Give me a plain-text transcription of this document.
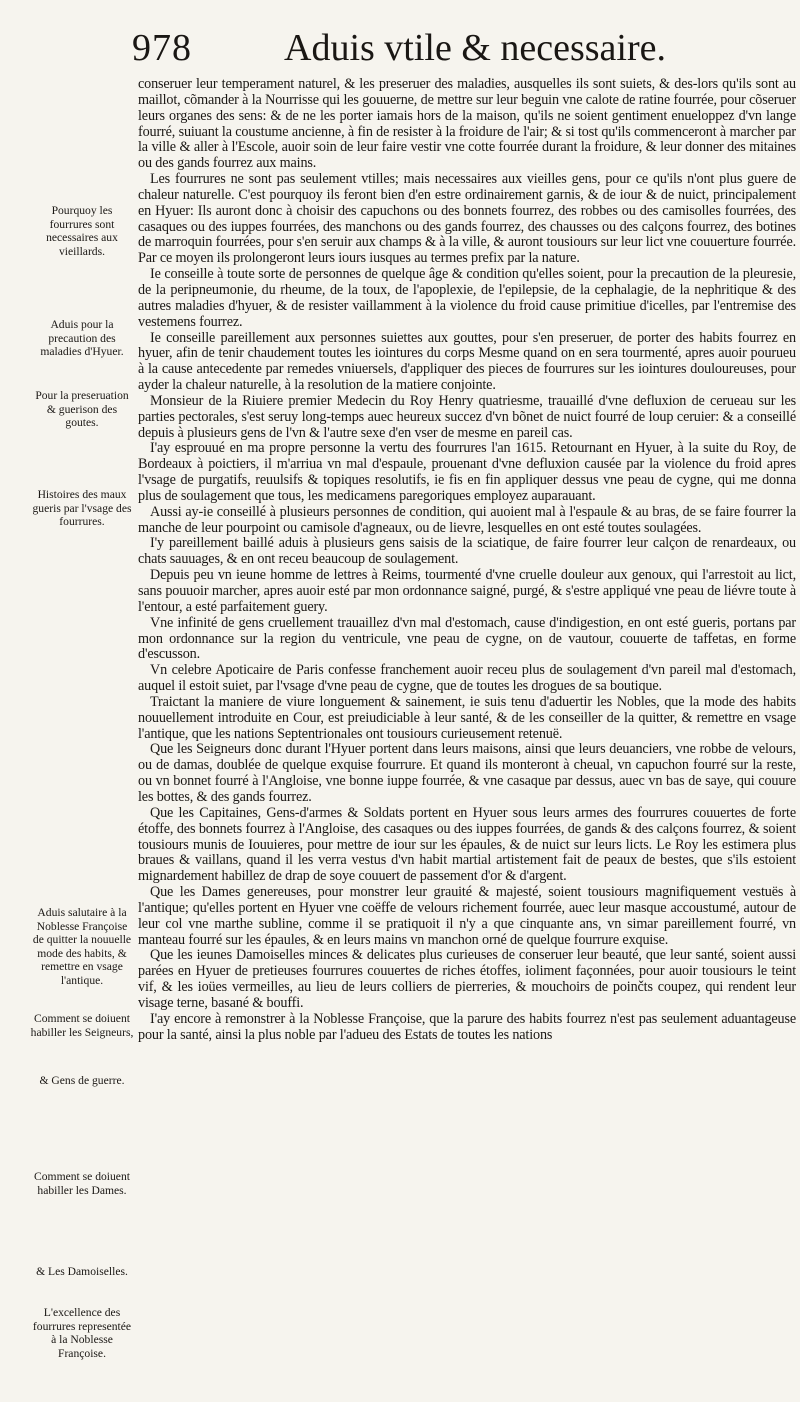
978 Aduis vtile & necessaire.
Pourquoy les fourrures sont necessaires aux vieillards.
Aduis pour la precaution des maladies d'Hyuer.
Pour la preseruation & guerison des goutes.
Histoires des maux gueris par l'vsage des fourrures.
Aduis salutaire à la Noblesse Françoise de quitter la nouuelle mode des habits, & remettre en vsage l'antique.
Comment se doiuent habiller les Seigneurs,
& Gens de guerre.
Comment se doiuent habiller les Dames.
& Les Damoiselles.
L'excellence des fourrures representée à la Noblesse Françoise.

conseruer leur temperament naturel, & les preseruer des maladies, ausquelles ils sont suiets, & des-lors qu'ils sont au maillot, cõmander à la Nourrisse qui les gouuerne, de mettre sur leur beguin vne calote de ratine fourrée, pour cõseruer leurs organes des sens: & de ne les porter iamais hors de la maison, qu'ils ne soient gentiment enueloppez d'vn lange fourré, suiuant la coustume ancienne, à fin de resister à la froidure de l'air; & si tost qu'ils commenceront à marcher par la ville & aller à l'Escole, auoir soin de leur faire vestir vne cotte fourrée durant la froidure, & leur donner des mitaines ou des gands fourrez aux mains.

Les fourrures ne sont pas seulement vtilles; mais necessaires aux vieilles gens, pour ce qu'ils n'ont plus guere de chaleur naturelle. C'est pourquoy ils feront bien d'en estre ordinairement garnis, & de iour & de nuict, principalement en Hyuer: Ils auront donc à choisir des capuchons ou des bonnets fourrez, des robbes ou des camisolles fourrées, des casaques ou des iuppes fourrées, des manchons ou des gands fourrez, des chausses ou des calçons fourrez, des botines de marroquin fourrées, pour s'en seruir aux champs & à la ville, & auront tousiours sur leur lict vne couuerture fourrée. Par ce moyen ils prolongeront leurs iours iusques au termes prefix par la nature.

Ie conseille à toute sorte de personnes de quelque âge & condition qu'elles soient, pour la precaution de la pleuresie, de la peripneumonie, du rheume, de la toux, de l'apoplexie, de l'epilepsie, de la cephalagie, de la nephritique & des autres maladies d'hyuer, & de resister vaillamment à la violence du froid cause primitiue d'icelles, par l'entremise des vestemens fourrez.

Ie conseille pareillement aux personnes suiettes aux gouttes, pour s'en preseruer, de porter des habits fourrez en hyuer, afin de tenir chaudement toutes les iointures du corps Mesme quand on en sera tourmenté, apres auoir pourueu à la cause antecedente par remedes vniuersels, d'appliquer des pieces de fourrures sur les iointures douloureuses, pour ayder la chaleur naturelle, à la resolution de la matiere conjointe.

Monsieur de la Riuiere premier Medecin du Roy Henry quatriesme, trauaillé d'vne defluxion de cerueau sur les parties pectorales, s'est seruy long-temps auec heureux succez d'vn bõnet de nuict fourré de loup ceruier: & a conseillé depuis à plusieurs gens de l'vn & l'autre sexe d'en vser de mesme en pareil cas.

I'ay esprouué en ma propre personne la vertu des fourrures l'an 1615. Retournant en Hyuer, à la suite du Roy, de Bordeaux à poictiers, il m'arriua vn mal d'espaule, prouenant d'vne defluxion causée par la violence du froid apres l'vsage de purgatifs, reuulsifs & topiques resolutifs, ie fis en fin appliquer dessus vne peau de cygne, qui me donna plus de soulagement que tous, les medicamens paregoriques employez auparauant.

Aussi ay-ie conseillé à plusieurs personnes de condition, qui auoient mal à l'espaule & au bras, de se faire fourrer la manche de leur pourpoint ou camisole d'agneaux, ou de lievre, lesquelles en ont esté toutes soulagées.

I'y pareillement baillé aduis à plusieurs gens saisis de la sciatique, de faire fourrer leur calçon de renardeaux, ou chats sauuages, & en ont receu beaucoup de soulagement.

Depuis peu vn ieune homme de lettres à Reims, tourmenté d'vne cruelle douleur aux genoux, qui l'arrestoit au lict, sans pouuoir marcher, apres auoir esté par mon ordonnance saigné, purgé, & s'estre appliqué vne peau de liévre toute à l'entour, a esté parfaitement guery.

Vne infinité de gens cruellement trauaillez d'vn mal d'estomach, cause d'indigestion, en ont esté gueris, portans par mon ordonnance sur la region du ventricule, vne peau de cygne, on de vautour, couuerte de taffetas, en forme d'escusson.

Vn celebre Apoticaire de Paris confesse franchement auoir receu plus de soulagement d'vn pareil mal d'estomach, auquel il estoit suiet, par l'vsage d'vne peau de cygne, que de toutes les drogues de sa boutique.

Traictant la maniere de viure longuement & sainement, ie suis tenu d'aduertir les Nobles, que la mode des habits nouuellement introduite en Cour, est preiudiciable à leur santé, & de les conseiller de la quitter, & remettre en vsage l'antique, que les nations Septentrionales ont tousiours curieusement retenuë.

Que les Seigneurs donc durant l'Hyuer portent dans leurs maisons, ainsi que leurs deuanciers, vne robbe de velours, ou de damas, doublée de quelque exquise fourrure. Et quand ils monteront à cheual, vn capuchon fourré sur la reste, ou vn bonnet fourré à l'Angloise, vne bonne iuppe fourrée, & vne casaque par dessus, auec vn bas de saye, qui couure les bottes, & des gands fourrez.

Que les Capitaines, Gens-d'armes & Soldats portent en Hyuer sous leurs armes des fourrures couuertes de forte étoffe, des bonnets fourrez à l'Angloise, des casaques ou des iuppes fourrées, de gands & des calçons fourrez, & soient tousiours munis de Iouuieres, pour mettre de iour sur les épaules, & de nuict sur leurs licts. Le Roy les estimera plus braues & vaillans, quand il les verra vestus d'vn habit martial artistement fait de peaux de bestes, que s'ils estoient mignardement habillez de drap de soye couuert de passement d'or & d'argent.

Que les Dames genereuses, pour monstrer leur grauité & majesté, soient tousiours magnifiquement vestuës à l'antique; qu'elles portent en Hyuer vne coëffe de velours richement fourrée, auec leur masque accoustumé, autour de leur col vne marthe subline, comme il se pratiquoit il n'y a que cinquante ans, vn simar pareillement fourré, vn manteau fourré sur les épaules, & en leurs mains vn manchon orné de quelque fourrure exquise.

Que les ieunes Damoiselles minces & delicates plus curieuses de conseruer leur beauté, que leur santé, soient aussi parées en Hyuer de pretieuses fourrures couuertes de riches étoffes, ioliment façonnées, pour auoir tousiours le teint vif, & les ioües vermeilles, au lieu de leurs colliers de pierreries, & mouchoirs de poinčts coupez, qui rendent leur visage terne, basané & bouffi.

I'ay encore à remonstrer à la Noblesse Françoise, que la parure des habits fourrez n'est pas seulement aduantageuse pour la santé, ainsi la plus noble par l'adueu des Estats de toutes les nations
